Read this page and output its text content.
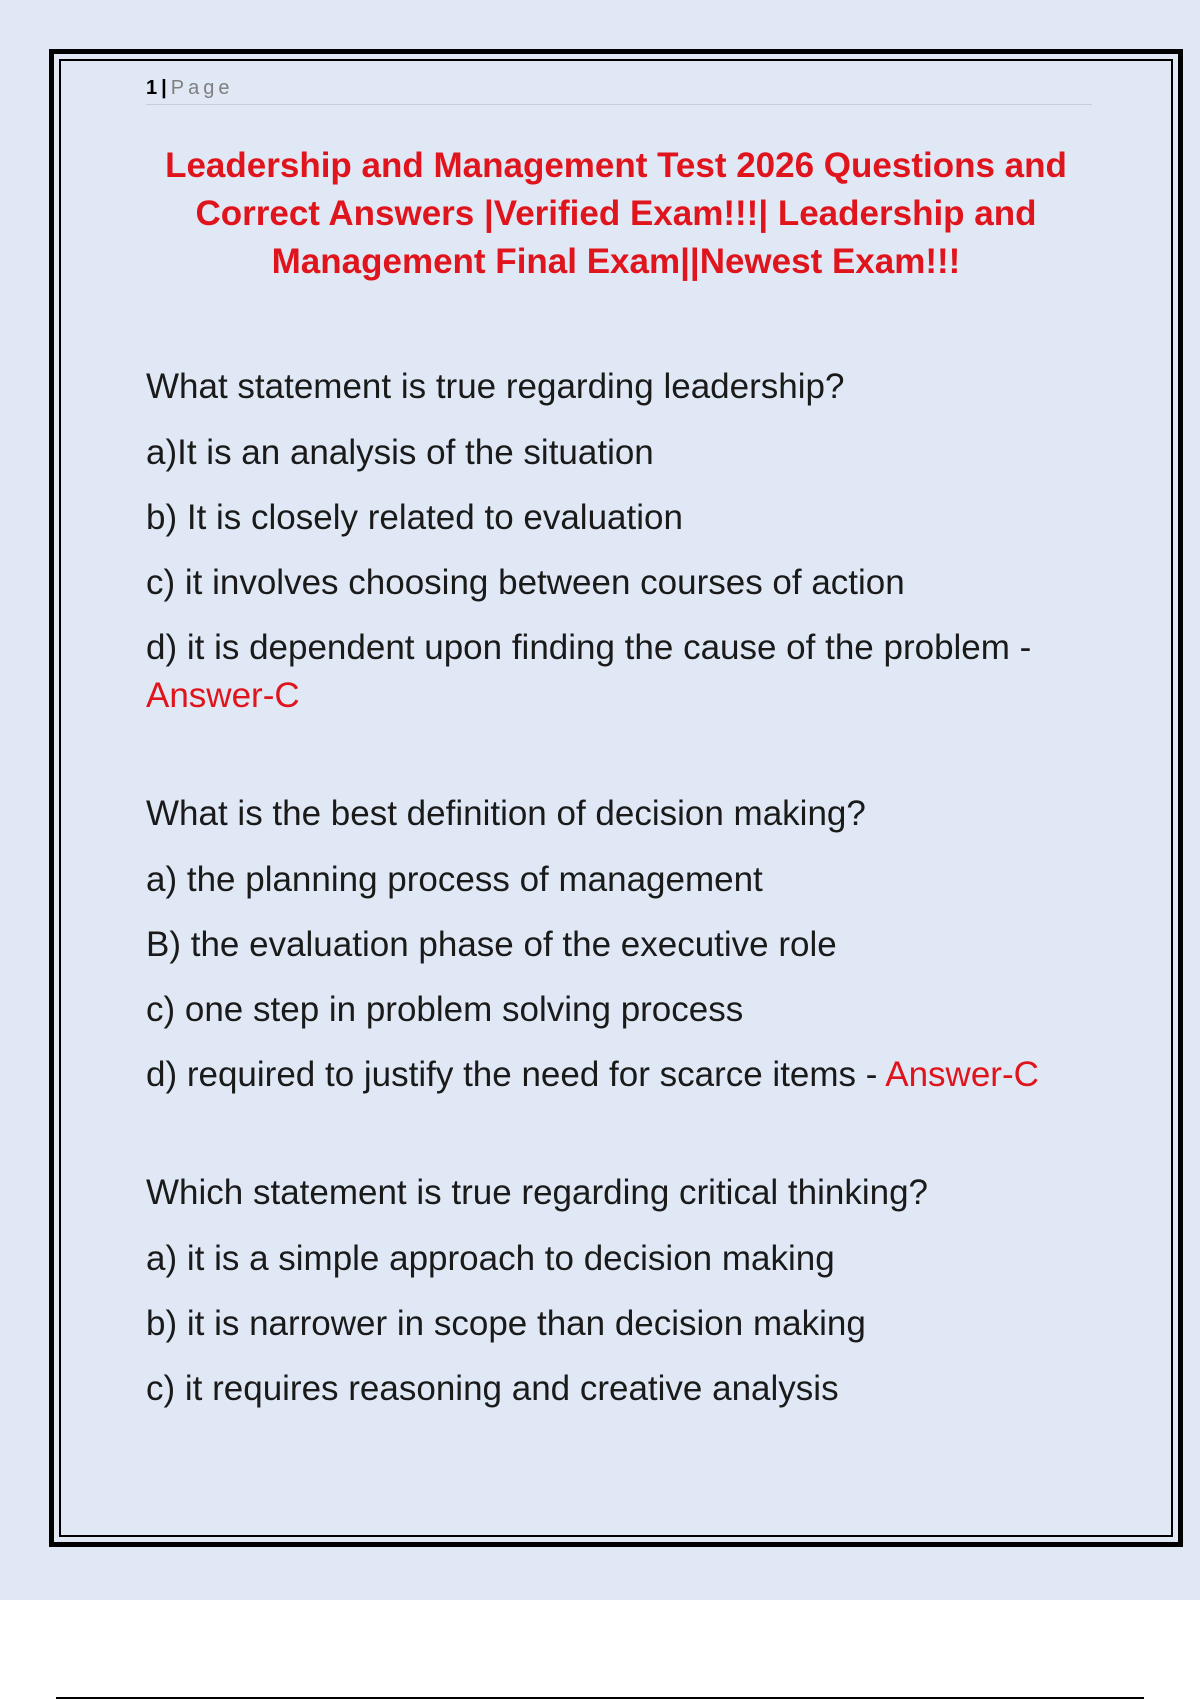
1 | Page
Leadership and Management Test 2026 Questions and Correct Answers |Verified Exam!!!| Leadership and Management Final Exam||Newest Exam!!!
What statement is true regarding leadership?
a)It is an analysis of the situation
b) It is closely related to evaluation
c) it involves choosing between courses of action
d) it is dependent upon finding the cause of the problem -
Answer-C
What is the best definition of decision making?
a) the planning process of management
B) the evaluation phase of the executive role
c) one step in problem solving process
d) required to justify the need for scarce items - Answer-C
Which statement is true regarding critical thinking?
a) it is a simple approach to decision making
b) it is narrower in scope than decision making
c) it requires reasoning and creative analysis
